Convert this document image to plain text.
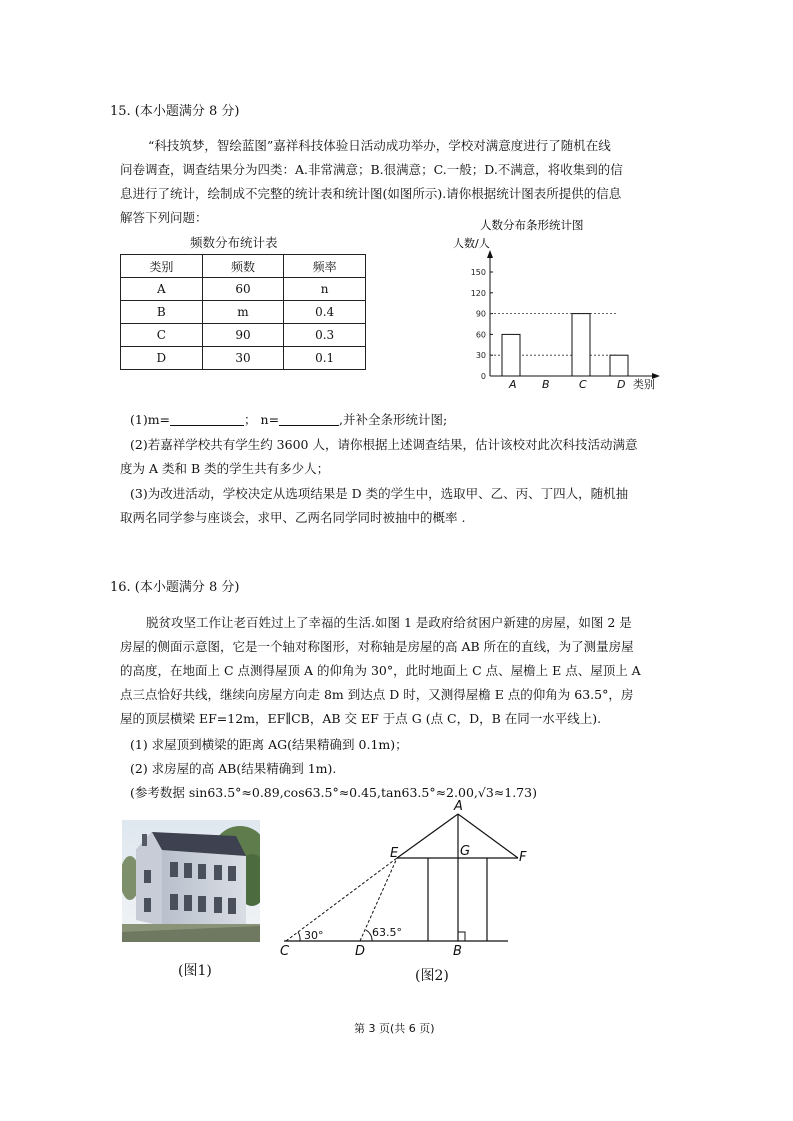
15. (本小题满分 8 分)
“科技筑梦，智绘蓝图”嘉祥科技体验日活动成功举办，学校对满意度进行了随机在线
问卷调查，调查结果分为四类：A.非常满意；B.很满意；C.一般；D.不满意，将收集到的信
息进行了统计，绘制成不完整的统计表和统计图(如图所示).请你根据统计图表所提供的信息
解答下列问题：
频数分布统计表
类别	频数	频率
A	60	n
B	m	0.4
C	90	0.3
D	30	0.1
人数分布条形统计图
人数/人
0
30
60
90
120
150
类别
A B	C	D
(1)m=	； n=	,并补全条形统计图;
(2)若嘉祥学校共有学生约 3600 人，请你根据上述调查结果，估计该校对此次科技活动满意
度为 A 类和 B 类的学生共有多少人；
(3)为改进活动，学校决定从选项结果是 D 类的学生中，选取甲、乙、丙、丁四人，随机抽
取两名同学参与座谈会，求甲、乙两名同学同时被抽中的概率 .
16. (本小题满分 8 分)
脱贫攻坚工作让老百姓过上了幸福的生活.如图 1 是政府给贫困户新建的房屋，如图 2 是
房屋的侧面示意图，它是一个轴对称图形，对称轴是房屋的高 AB 所在的直线，为了测量房屋
的高度，在地面上 C 点测得屋顶 A 的仰角为 30°，此时地面上 C 点、屋檐上 E 点、屋顶上 A
点三点恰好共线，继续向房屋方向走 8m 到达点 D 时，又测得屋檐 E 点的仰角为 63.5°，房
屋的顶层横梁 EF=12m，EF∥CB，AB 交 EF 于点 G (点 C，D，B 在同一水平线上).
(1) 求屋顶到横梁的距离 AG(结果精确到 0.1m)；
(2) 求房屋的高 AB(结果精确到 1m).
(参考数据 sin63.5°≈0.89,cos63.5°≈0.45,tan63.5°≈2.00,√3≈1.73)
(图1)
A
E	G	F
C	D	B
30°	63.5°
(图2)
第 3 页(共 6 页)
